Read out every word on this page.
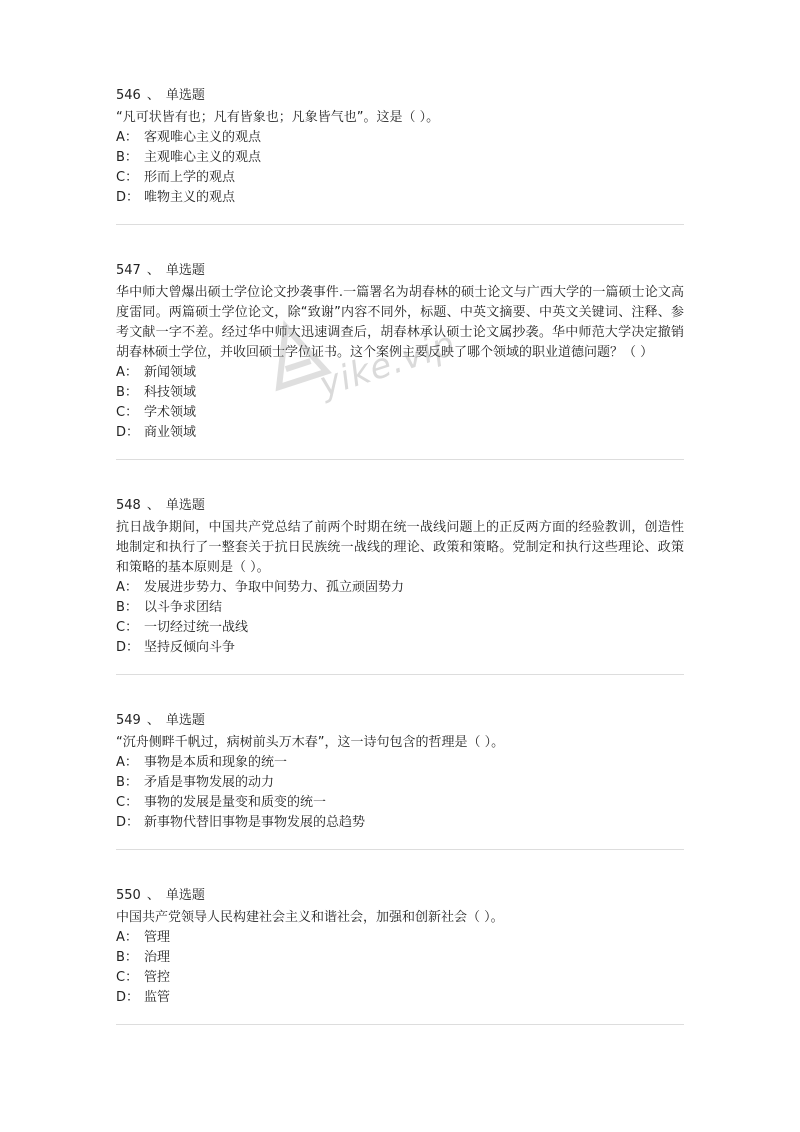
546 、 单选题
“凡可状皆有也；凡有皆象也；凡象皆气也”。这是（ ）。
A： 客观唯心主义的观点
B： 主观唯心主义的观点
C： 形而上学的观点
D： 唯物主义的观点
547 、 单选题
华中师大曾爆出硕士学位论文抄袭事件.一篇署名为胡春林的硕士论文与广西大学的一篇硕士论文高度雷同。两篇硕士学位论文，除“致谢”内容不同外，标题、中英文摘要、中英文关键词、注释、参考文献一字不差。经过华中师大迅速调查后，胡春林承认硕士论文属抄袭。华中师范大学决定撤销胡春林硕士学位，并收回硕士学位证书。这个案例主要反映了哪个领域的职业道德问题？（ ）
A： 新闻领域
B： 科技领域
C： 学术领域
D： 商业领域
548 、 单选题
抗日战争期间，中国共产党总结了前两个时期在统一战线问题上的正反两方面的经验教训，创造性地制定和执行了一整套关于抗日民族统一战线的理论、政策和策略。党制定和执行这些理论、政策和策略的基本原则是（ ）。
A： 发展进步势力、争取中间势力、孤立顽固势力
B： 以斗争求团结
C： 一切经过统一战线
D： 坚持反倾向斗争
549 、 单选题
“沉舟侧畔千帆过，病树前头万木春”，这一诗句包含的哲理是（ ）。
A： 事物是本质和现象的统一
B： 矛盾是事物发展的动力
C： 事物的发展是量变和质变的统一
D： 新事物代替旧事物是事物发展的总趋势
550 、 单选题
中国共产党领导人民构建社会主义和谐社会，加强和创新社会（ ）。
A： 管理
B： 治理
C： 管控
D： 监管
yike.vip
